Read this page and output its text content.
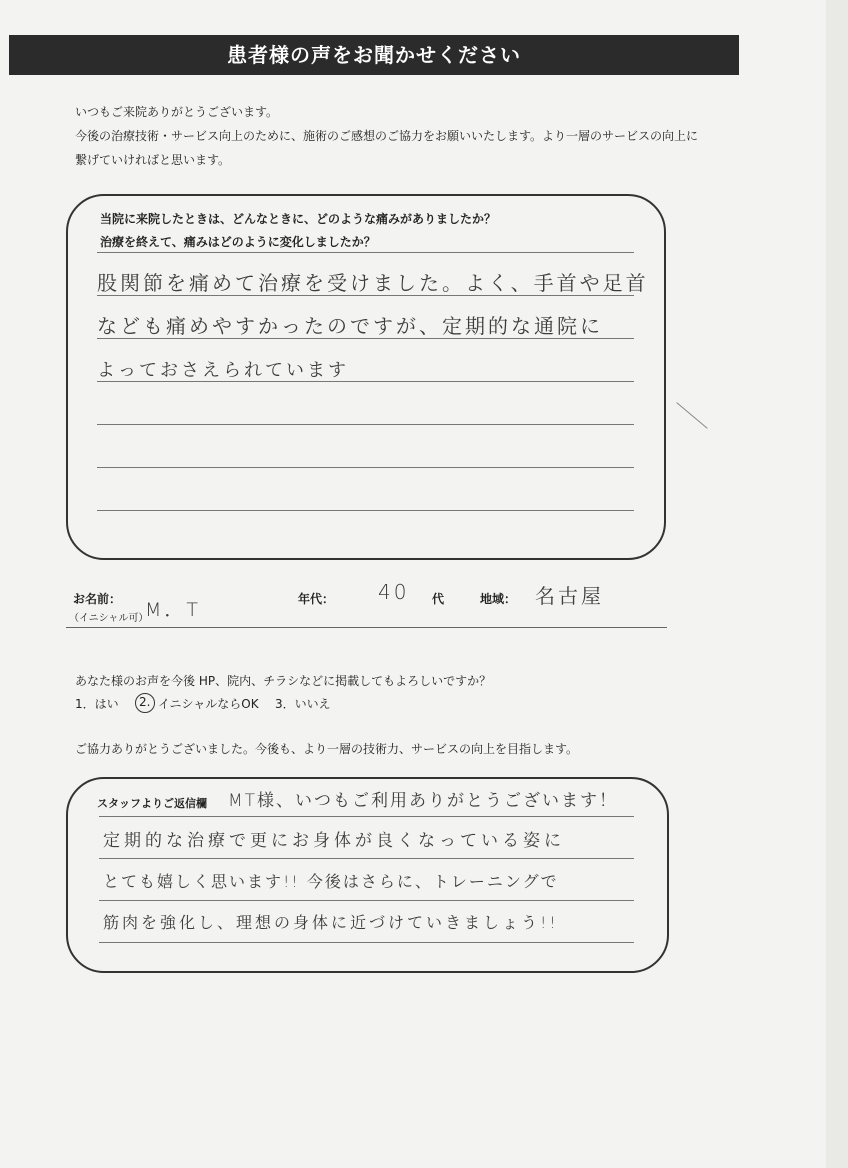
患者様の声をお聞かせください
いつもご来院ありがとうございます。
今後の治療技術・サービス向上のために、施術のご感想のご協力をお願いいたします。より一層のサービスの向上に
繋げていければと思います。
当院に来院したときは、どんなときに、どのような痛みがありましたか？
治療を終えて、痛みはどのように変化しましたか？
股関節を痛めて治療を受けました。よく、手首や足首
なども痛めやすかったのですが、定期的な通院に
よっておさえられています
お名前：
（イニシャル可）
M．T	年代： 40 代	地域： 名古屋
あなた様のお声を今後 HP、院内、チラシなどに掲載してもよろしいですか？
1．はい 2. イニシャルならOK 3．いいえ
ご協力ありがとうございました。今後も、より一層の技術力、サービスの向上を目指します。
スタッフよりご返信欄 MT様、いつもご利用ありがとうございます！
定期的な治療で更にお身体が良くなっている姿に
とても嬉しく思います!! 今後はさらに、トレーニングで
筋肉を強化し、理想の身体に近づけていきましょう!!
